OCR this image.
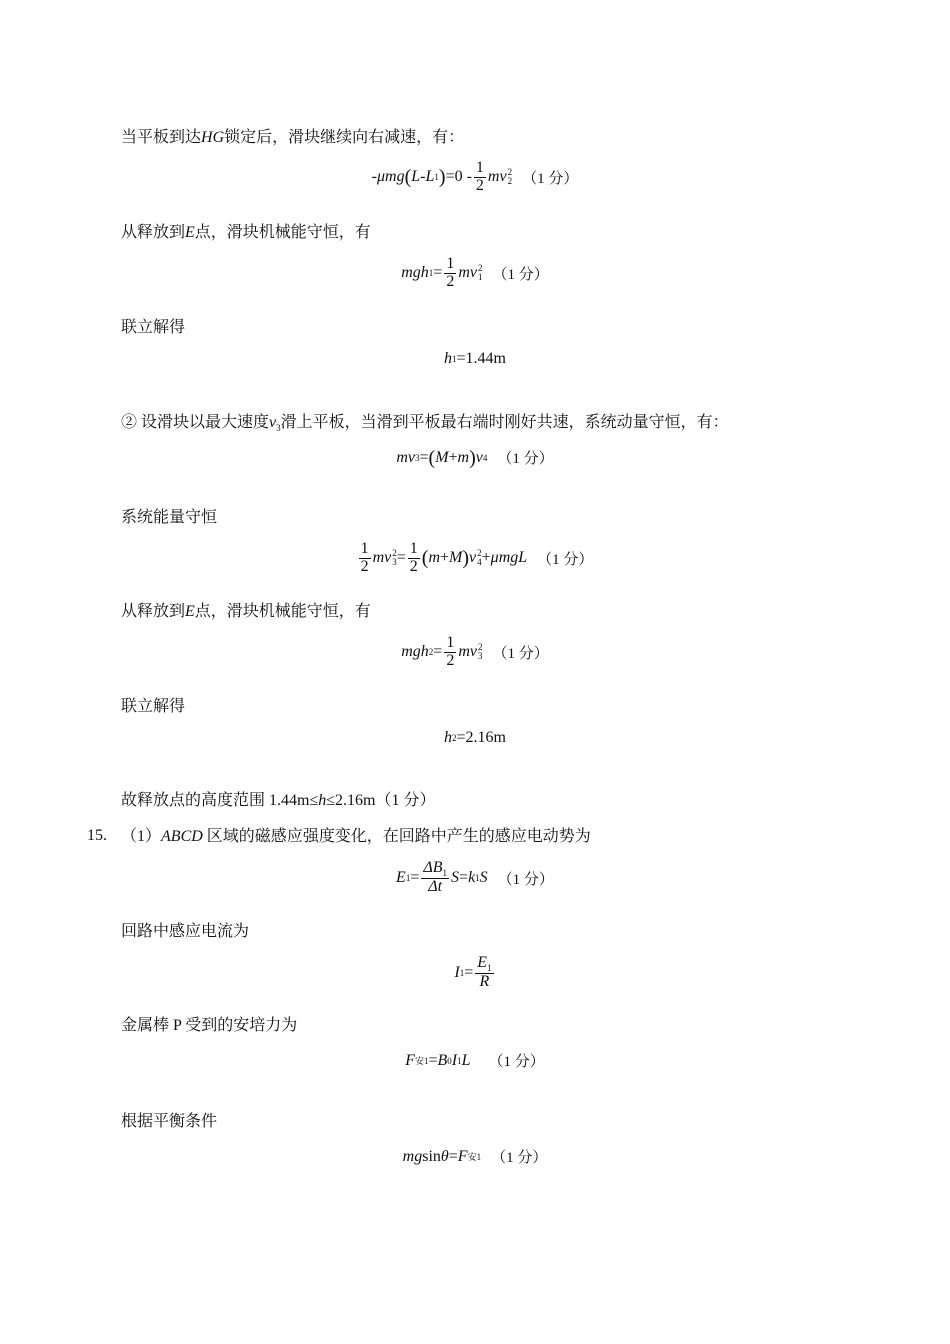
当平板到达HG锁定后，滑块继续向右减速，有：
- μmg ( L - L 1 ) $=0 - \frac{1}{2}$ mv 2
2 （1 分）
从释放到E点，滑块机械能守恒，有
mgh $1 = \frac{1}{2}$ mv 2
1 （1 分）
联立解得
h 1 =1.44m
② 设滑块以最大速度$v_3$滑上平板，当滑到平板最右端时刚好共速，系统动量守恒，有：
mv 3 = ( M + m ) v 4 （1 分）
系统能量守恒
$\frac{1}{2}$ mv 2
$3 = \frac{1}{2}$ ( m + M ) v 2
4 + μmgL （1 分）
从释放到E点，滑块机械能守恒，有
mgh $2 = \frac{1}{2}$ mv 2
3 （1 分）
联立解得
h 2 =2.16m
故释放点的高度范围 1.44m≤h≤2.16m（1 分）
15. （1）ABCD 区域的磁感应强度变化，在回路中产生的感应电动势为
E $1 = \frac{\Delta B_1}{\Delta t}$ S = k 1 S （1 分）
回路中感应电流为
I $1 = \frac{E_1}{R}$
金属棒 P 受到的安培力为
F 安1 = B 0 I 1 L （1 分）
根据平衡条件
mg sin θ = F 安1 （1 分）
